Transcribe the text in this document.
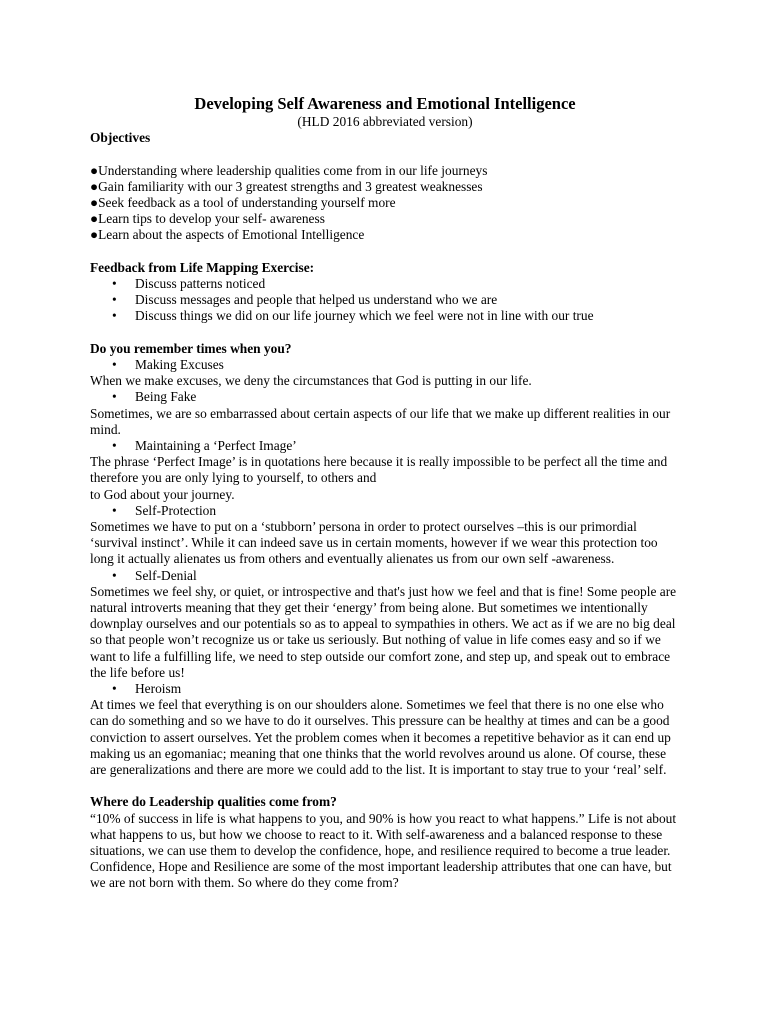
Developing Self Awareness and Emotional Intelligence

(HLD 2016 abbreviated version)

Objectives

●Understanding where leadership qualities come from in our life journeys

●Gain familiarity with our 3 greatest strengths and 3 greatest weaknesses

●Seek feedback as a tool of understanding yourself more

●Learn tips to develop your self- awareness

●Learn about the aspects of Emotional Intelligence

Feedback from Life Mapping Exercise:
• Discuss patterns noticed
• Discuss messages and people that helped us understand who we are
• Discuss things we did on our life journey which we feel were not in line with our true
Do you remember times when you?
• Making Excuses

When we make excuses, we deny the circumstances that God is putting in our life.

• Being Fake

Sometimes, we are so embarrassed about certain aspects of our life that we make up different realities in our mind.

• Maintaining a ‘Perfect Image’

The phrase ‘Perfect Image’ is in quotations here because it is really impossible to be perfect all the time and therefore you are only lying to yourself, to others and

to God about your journey.

• Self-Protection

Sometimes we have to put on a ‘stubborn’ persona in order to protect ourselves –this is our primordial ‘survival instinct’. While it can indeed save us in certain moments, however if we wear this protection too long it actually alienates us from others and eventually alienates us from our own self -awareness.

• Self-Denial

Sometimes we feel shy, or quiet, or introspective and that's just how we feel and that is fine! Some people are natural introverts meaning that they get their ‘energy’ from being alone. But sometimes we intentionally downplay ourselves and our potentials so as to appeal to sympathies in others. We act as if we are no big deal so that people won’t recognize us or take us seriously. But nothing of value in life comes easy and so if we want to life a fulfilling life, we need to step outside our comfort zone, and step up, and speak out to embrace the life before us!

• Heroism

At times we feel that everything is on our shoulders alone. Sometimes we feel that there is no one else who can do something and so we have to do it ourselves. This pressure can be healthy at times and can be a good conviction to assert ourselves. Yet the problem comes when it becomes a repetitive behavior as it can end up making us an egomaniac; meaning that one thinks that the world revolves around us alone. Of course, these are generalizations and there are more we could add to the list. It is important to stay true to your ‘real’ self.

Where do Leadership qualities come from?

“10% of success in life is what happens to you, and 90% is how you react to what happens.” Life is not about what happens to us, but how we choose to react to it. With self-awareness and a balanced response to these situations, we can use them to develop the confidence, hope, and resilience required to become a true leader. Confidence, Hope and Resilience are some of the most important leadership attributes that one can have, but we are not born with them. So where do they come from?
